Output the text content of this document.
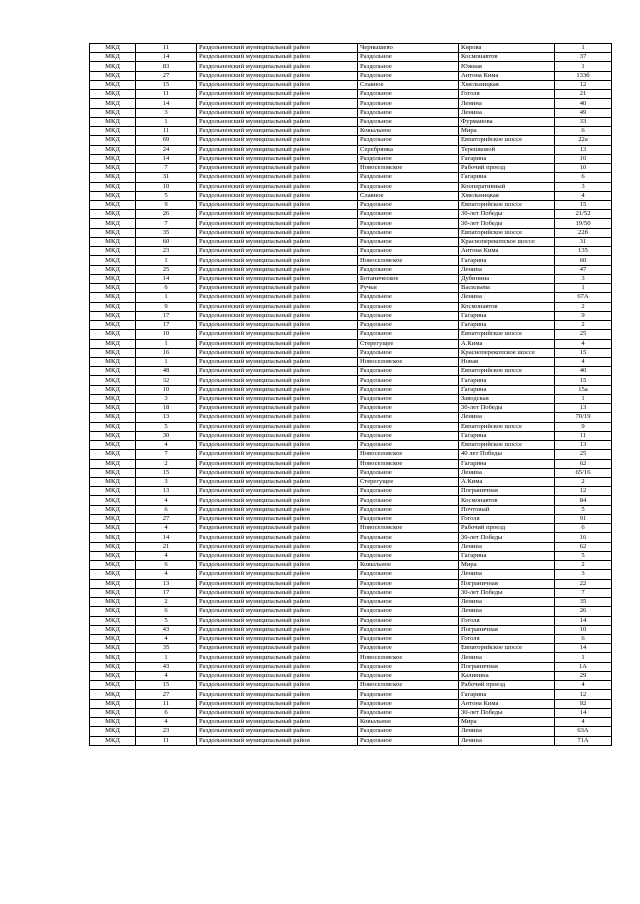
МКД	11	Раздольненский муниципальный район	Чернышево	Кирова	1
МКД	14	Раздольненский муниципальный район	Раздольное	Космонавтов	37
МКД	83	Раздольненский муниципальный район	Раздольное	Южная	1
МКД	27	Раздольненский муниципальный район	Раздольное	Антона Кима	133б
МКД	15	Раздольненский муниципальный район	Славное	Хмельницкая	12
МКД	11	Раздольненский муниципальный район	Раздольное	Гоголя	21
МКД	14	Раздольненский муниципальный район	Раздольное	Ленина	40
МКД	3	Раздольненский муниципальный район	Раздольное	Ленина	49
МКД	1	Раздольненский муниципальный район	Раздольное	Фурманова	33
МКД	11	Раздольненский муниципальный район	Ковыльное	Мира	6
МКД	69	Раздольненский муниципальный район	Раздольное	Евпаторийское шоссе	22а
МКД	24	Раздольненский муниципальный район	Серебрянка	Терешковой	13
МКД	14	Раздольненский муниципальный район	Раздольное	Гагарина	10
МКД	7	Раздольненский муниципальный район	Новоселовское	Рабочий проезд	10
МКД	31	Раздольненский муниципальный район	Раздольное	Гагарина	6
МКД	10	Раздольненский муниципальный район	Раздольное	Кооперативный	3
МКД	5	Раздольненский муниципальный район	Славное	Хмельницкая	4
МКД	9	Раздольненский муниципальный район	Раздольное	Евпаторийское шоссе	15
МКД	26	Раздольненский муниципальный район	Раздольное	30-лет Победы	21/52
МКД	7	Раздольненский муниципальный район	Раздольное	30-лет Победы	19/50
МКД	35	Раздольненский муниципальный район	Раздольное	Евпаторийское шоссе	22б
МКД	60	Раздольненский муниципальный район	Раздольное	Красноперекопское шоссе	31
МКД	23	Раздольненский муниципальный район	Раздольное	Антона Кима	135
МКД	1	Раздольненский муниципальный район	Новоселовское	Гагарина	60
МКД	25	Раздольненский муниципальный район	Раздольное	Ленина	47
МКД	14	Раздольненский муниципальный район	Ботаническое	Дубинина	3
МКД	6	Раздольненский муниципальный район	Ручьи	Васильева	1
МКД	1	Раздольненский муниципальный район	Раздольное	Ленина	67А
МКД	9	Раздольненский муниципальный район	Раздольное	Космонавтов	2
МКД	17	Раздольненский муниципальный район	Раздольное	Гагарина	9
МКД	17	Раздольненский муниципальный район	Раздольное	Гагарина	2
МКД	10	Раздольненский муниципальный район	Раздольное	Евпаторийское шоссе	25
МКД	1	Раздольненский муниципальный район	Стерегущее	А.Кима	4
МКД	16	Раздольненский муниципальный район	Раздольное	Красноперекопское шоссе	15
МКД	1	Раздольненский муниципальный район	Новоселовское	Новая	4
МКД	48	Раздольненский муниципальный район	Раздольное	Евпаторийское шоссе	40
МКД	32	Раздольненский муниципальный район	Раздольное	Гагарина	15
МКД	10	Раздольненский муниципальный район	Раздольное	Гагарина	15а
МКД	3	Раздольненский муниципальный район	Раздольное	Заводская	1
МКД	18	Раздольненский муниципальный район	Раздольное	30-лет Победы	13
МКД	13	Раздольненский муниципальный район	Раздольное	Ленина	70/19
МКД	5	Раздольненский муниципальный район	Раздольное	Евпаторийское шоссе	9
МКД	30	Раздольненский муниципальный район	Раздольное	Гагарина	11
МКД	4	Раздольненский муниципальный район	Раздольное	Евпаторийское шоссе	13
МКД	7	Раздольненский муниципальный район	Новоселовское	40 лет Победы	25
МКД	2	Раздольненский муниципальный район	Новоселовское	Гагарина	62
МКД	15	Раздольненский муниципальный район	Раздольное	Ленина	65/16
МКД	3	Раздольненский муниципальный район	Стерегущее	А.Кима	2
МКД	13	Раздольненский муниципальный район	Раздольное	Пограничная	12
МКД	4	Раздольненский муниципальный район	Раздольное	Космонавтов	84
МКД	6	Раздольненский муниципальный район	Раздольное	Почтовый	5
МКД	27	Раздольненский муниципальный район	Раздольное	Гоголя	91
МКД	4	Раздольненский муниципальный район	Новоселовское	Рабочий проезд	6
МКД	14	Раздольненский муниципальный район	Раздольное	30-лет Победы	16
МКД	21	Раздольненский муниципальный район	Раздольное	Ленина	62
МКД	4	Раздольненский муниципальный район	Раздольное	Гагарина	5
МКД	6	Раздольненский муниципальный район	Ковыльное	Мира	2
МКД	4	Раздольненский муниципальный район	Раздольное	Ленина	3
МКД	13	Раздольненский муниципальный район	Раздольное	Пограничная	22
МКД	17	Раздольненский муниципальный район	Раздольное	30-лет Победы	7
МКД	2	Раздольненский муниципальный район	Раздольное	Ленина	35
МКД	6	Раздольненский муниципальный район	Раздольное	Ленина	26
МКД	5	Раздольненский муниципальный район	Раздольное	Гоголя	14
МКД	43	Раздольненский муниципальный район	Раздольное	Пограничная	10
МКД	4	Раздольненский муниципальный район	Раздольное	Гоголя	6
МКД	35	Раздольненский муниципальный район	Раздольное	Евпаторийское шоссе	14
МКД	1	Раздольненский муниципальный район	Новоселовское	Ленина	1
МКД	43	Раздольненский муниципальный район	Раздольное	Пограничная	1А
МКД	4	Раздольненский муниципальный район	Раздольное	Калинина	29
МКД	15	Раздольненский муниципальный район	Новоселовское	Рабочий проезд	4
МКД	27	Раздольненский муниципальный район	Раздольное	Гагарина	12
МКД	11	Раздольненский муниципальный район	Раздольное	Антона Кима	92
МКД	6	Раздольненский муниципальный район	Раздольное	30-лет Победы	14
МКД	4	Раздольненский муниципальный район	Ковыльное	Мира	4
МКД	23	Раздольненский муниципальный район	Раздольное	Ленина	63А
МКД	11	Раздольненский муниципальный район	Раздольное	Ленина	71А
